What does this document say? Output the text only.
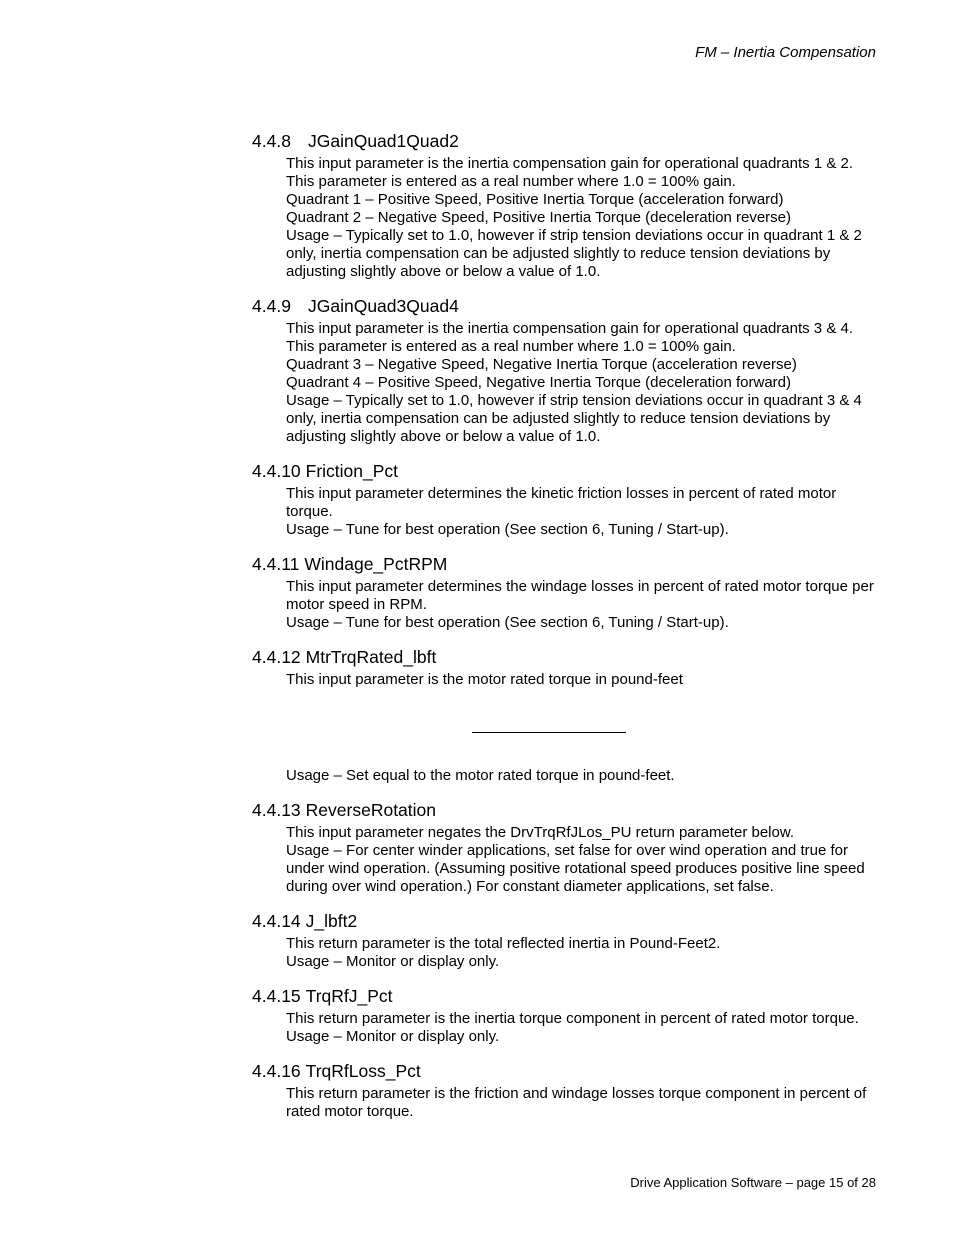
FM – Inertia Compensation
4.4.8 JGainQuad1Quad2

This input parameter is the inertia compensation gain for operational quadrants 1 & 2.

This parameter is entered as a real number where 1.0 = 100% gain.

Quadrant 1 – Positive Speed, Positive Inertia Torque (acceleration forward)

Quadrant 2 – Negative Speed, Positive Inertia Torque (deceleration reverse)

Usage – Typically set to 1.0, however if strip tension deviations occur in quadrant 1 & 2 only, inertia compensation can be adjusted slightly to reduce tension deviations by adjusting slightly above or below a value of 1.0.

4.4.9 JGainQuad3Quad4

This input parameter is the inertia compensation gain for operational quadrants 3 & 4.

This parameter is entered as a real number where 1.0 = 100% gain.

Quadrant 3 – Negative Speed, Negative Inertia Torque (acceleration reverse)

Quadrant 4 – Positive Speed, Negative Inertia Torque (deceleration forward)

Usage – Typically set to 1.0, however if strip tension deviations occur in quadrant 3 & 4 only, inertia compensation can be adjusted slightly to reduce tension deviations by adjusting slightly above or below a value of 1.0.

4.4.10 Friction_Pct

This input parameter determines the kinetic friction losses in percent of rated motor torque.

Usage – Tune for best operation (See section 6, Tuning / Start-up).

4.4.11 Windage_PctRPM

This input parameter determines the windage losses in percent of rated motor torque per motor speed in RPM.

Usage – Tune for best operation (See section 6, Tuning / Start-up).

4.4.12 MtrTrqRated_lbft

This input parameter is the motor rated torque in pound-feet

Usage – Set equal to the motor rated torque in pound-feet.

4.4.13 ReverseRotation

This input parameter negates the DrvTrqRfJLos_PU return parameter below.

Usage – For center winder applications, set false for over wind operation and true for under wind operation. (Assuming positive rotational speed produces positive line speed during over wind operation.) For constant diameter applications, set false.

4.4.14 J_lbft2

This return parameter is the total reflected inertia in Pound-Feet2.

Usage – Monitor or display only.

4.4.15 TrqRfJ_Pct

This return parameter is the inertia torque component in percent of rated motor torque.

Usage – Monitor or display only.

4.4.16 TrqRfLoss_Pct

This return parameter is the friction and windage losses torque component in percent of rated motor torque.

Drive Application Software – page 15 of 28
